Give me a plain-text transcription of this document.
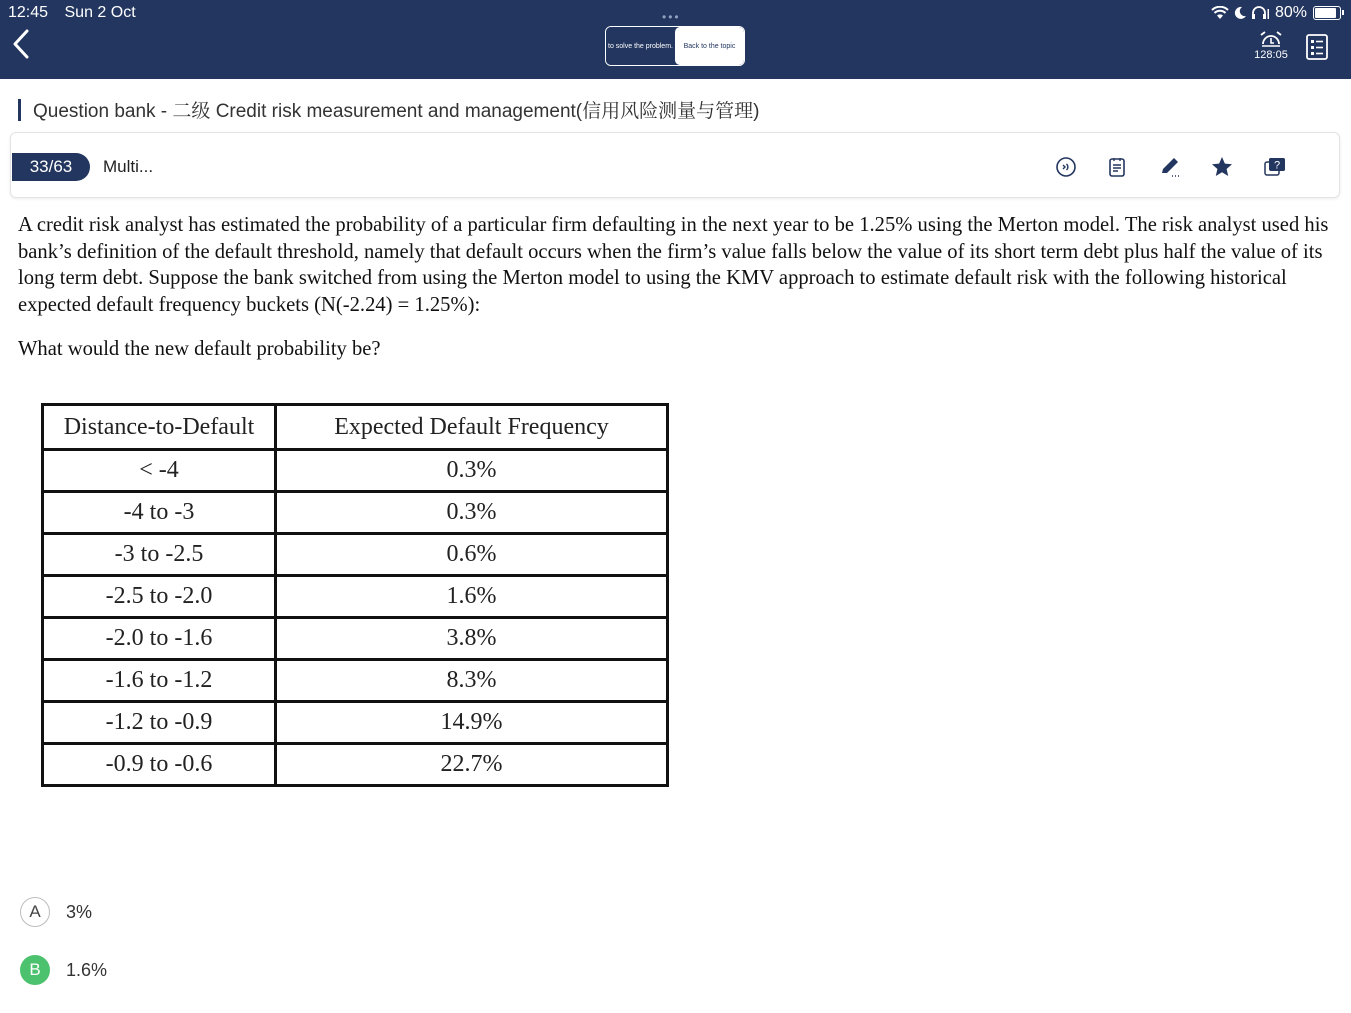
12:45 Sun 2 Oct	•••	80%
to solve the problem.	Back to the topic
128:05
Question bank - 二级 Credit risk measurement and management(信用风险测量与管理)
33/63	Multi...	?
A credit risk analyst has estimated the probability of a particular firm defaulting in the next year to be 1.25% using the Merton model. The risk analyst used his bank’s definition of the default threshold, namely that default occurs when the firm’s value falls below the value of its short term debt plus half the value of its long term debt. Suppose the bank switched from using the Merton model to using the KMV approach to estimate default risk with the following historical expected default frequency buckets (N(-2.24) = 1.25%):
What would the new default probability be?
Distance-to-Default	Expected Default Frequency
< -4	0.3%
-4 to -3	0.3%
-3 to -2.5	0.6%
-2.5 to -2.0	1.6%
-2.0 to -1.6	3.8%
-1.6 to -1.2	8.3%
-1.2 to -0.9	14.9%
-0.9 to -0.6	22.7%
A	3%
B	1.6%
